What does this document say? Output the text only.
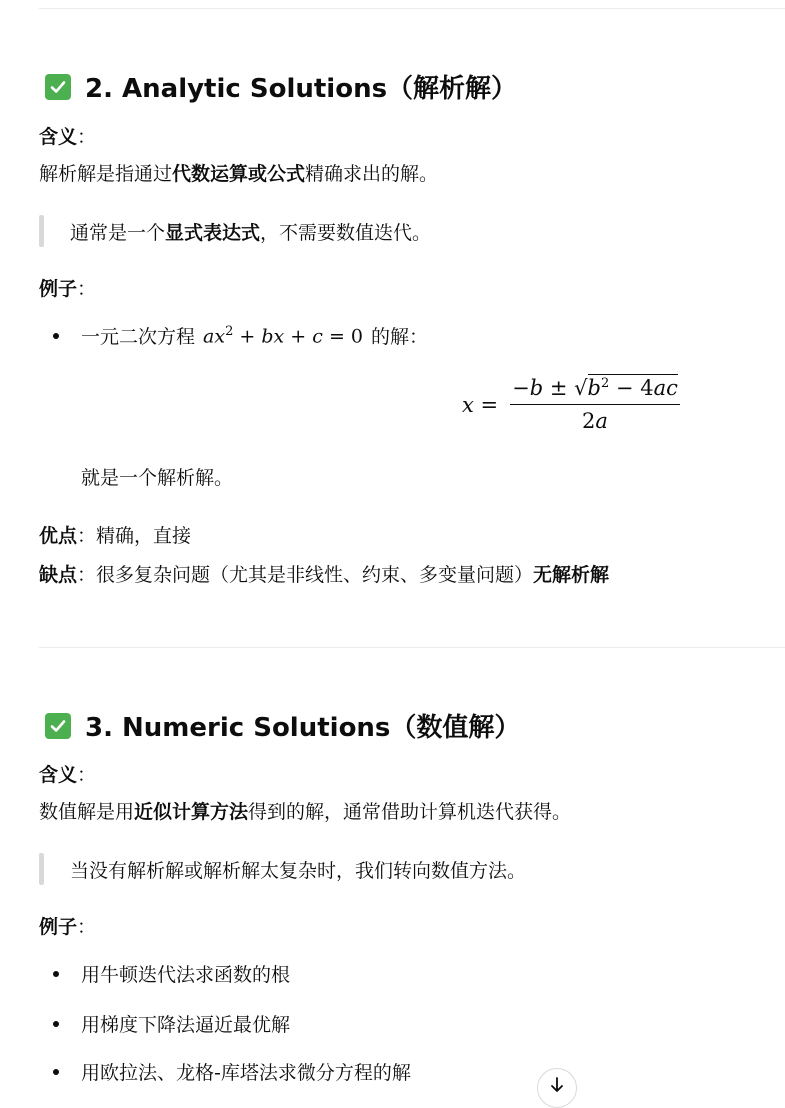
2. Analytic Solutions（解析解）
含义：
解析解是指通过代数运算或公式精确求出的解。
通常是一个显式表达式，不需要数值迭代。
例子：
一元二次方程 $ax^2$ + bx + c = 0 的解：
$x = \frac{-b \pm √b^2 - 4ac}{2a}$
就是一个解析解。
优点：精确，直接
缺点：很多复杂问题（尤其是非线性、约束、多变量问题）无解析解
3. Numeric Solutions（数值解）
含义：
数值解是用近似计算方法得到的解，通常借助计算机迭代获得。
当没有解析解或解析解太复杂时，我们转向数值方法。
例子：
用牛顿迭代法求函数的根
用梯度下降法逼近最优解
用欧拉法、龙格-库塔法求微分方程的解
